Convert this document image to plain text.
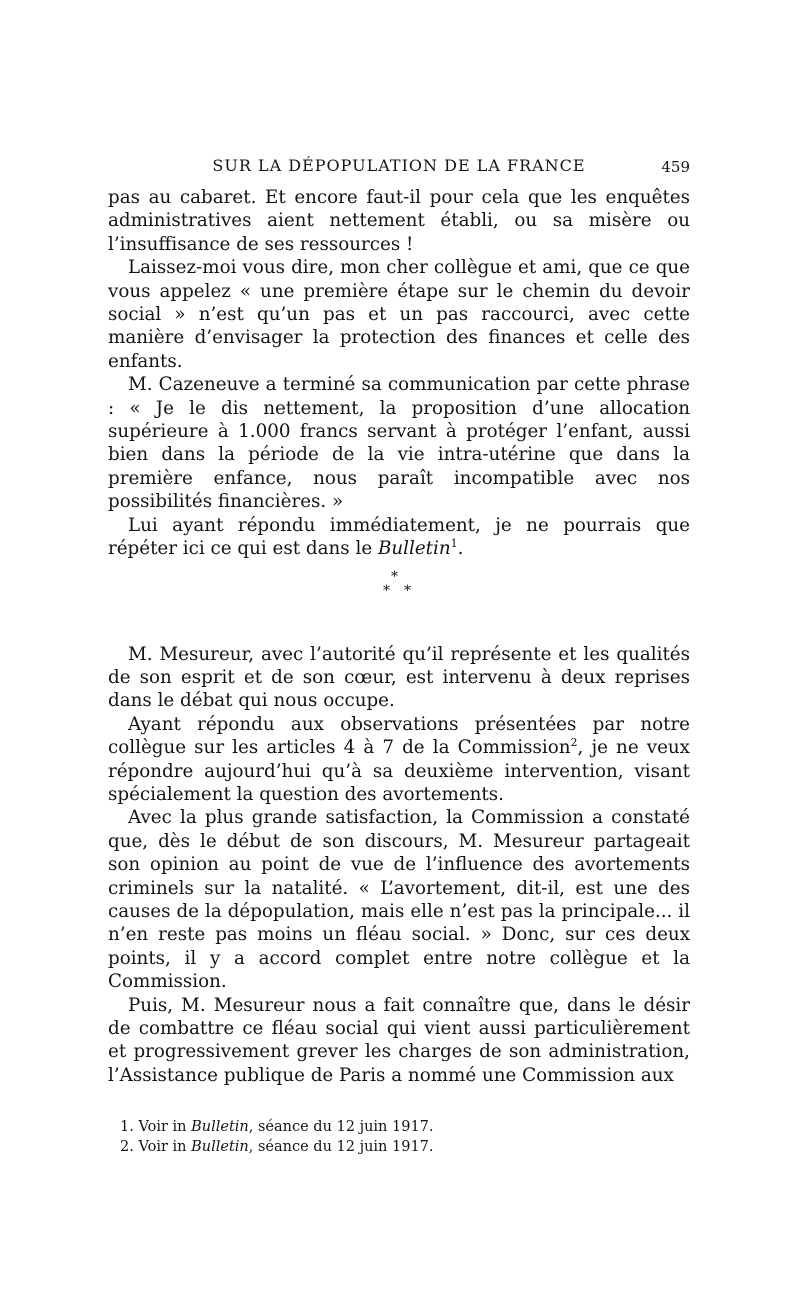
SUR LA DÉPOPULATION DE LA FRANCE	459

pas au cabaret. Et encore faut-il pour cela que les enquêtes administratives aient nettement établi, ou sa misère ou l’insuffisance de ses ressources !

Laissez-moi vous dire, mon cher collègue et ami, que ce que vous appelez « une première étape sur le chemin du devoir social » n’est qu’un pas et un pas raccourci, avec cette manière d’envisager la protection des finances et celle des enfants.

M. Cazeneuve a terminé sa communication par cette phrase : « Je le dis nettement, la proposition d’une allocation supérieure à 1.000 francs servant à protéger l’enfant, aussi bien dans la période de la vie intra-utérine que dans la première enfance, nous paraît incompatible avec nos possibilités financières. »

Lui ayant répondu immédiatement, je ne pourrais que répéter ici ce qui est dans le Bulletin$^1$.

*
* *

M. Mesureur, avec l’autorité qu’il représente et les qualités de son esprit et de son cœur, est intervenu à deux reprises dans le débat qui nous occupe.

Ayant répondu aux observations présentées par notre collègue sur les articles 4 à 7 de la Commission$^2$, je ne veux répondre aujourd’hui qu’à sa deuxième intervention, visant spécialement la question des avortements.

Avec la plus grande satisfaction, la Commission a constaté que, dès le début de son discours, M. Mesureur partageait son opinion au point de vue de l’influence des avortements criminels sur la natalité. « L’avortement, dit-il, est une des causes de la dépopulation, mais elle n’est pas la principale... il n’en reste pas moins un fléau social. » Donc, sur ces deux points, il y a accord complet entre notre collègue et la Commission.

Puis, M. Mesureur nous a fait connaître que, dans le désir de combattre ce fléau social qui vient aussi particulièrement et progressivement grever les charges de son administration, l’Assistance publique de Paris a nommé une Commission aux

1. Voir in Bulletin, séance du 12 juin 1917.
2. Voir in Bulletin, séance du 12 juin 1917.
